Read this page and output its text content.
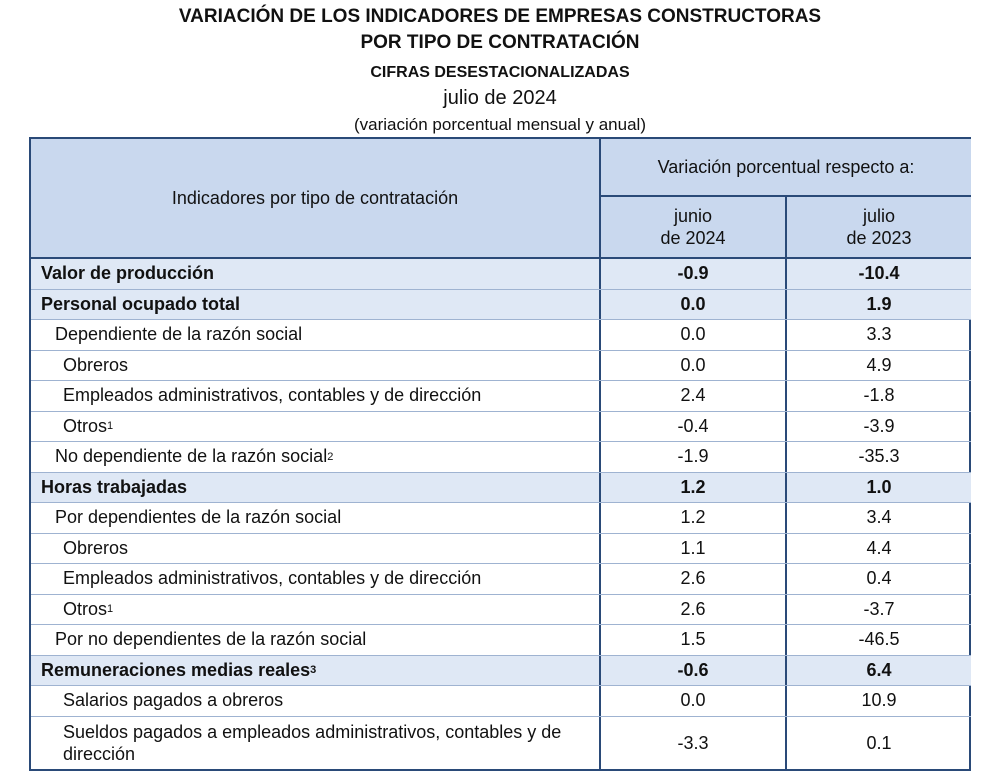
VARIACIÓN DE LOS INDICADORES DE EMPRESAS CONSTRUCTORAS
POR TIPO DE CONTRATACIÓN
CIFRAS DESESTACIONALIZADAS
julio de 2024
(variación porcentual mensual y anual)
Indicadores por tipo de contratación
Variación porcentual respecto a:
junio
de 2024
julio
de 2023
Valor de producción	-0.9	-10.4
Personal ocupado total	0.0	1.9
Dependiente de la razón social	0.0	3.3
Obreros	0.0	4.9
Empleados administrativos, contables y de dirección	2.4	-1.8
Otros 1	-0.4	-3.9
No dependiente de la razón social 2	-1.9	-35.3
Horas trabajadas	1.2	1.0
Por dependientes de la razón social	1.2	3.4
Obreros	1.1	4.4
Empleados administrativos, contables y de dirección	2.6	0.4
Otros 1	2.6	-3.7
Por no dependientes de la razón social	1.5	-46.5
Remuneraciones medias reales 3	-0.6	6.4
Salarios pagados a obreros	0.0	10.9
Sueldos pagados a empleados administrativos, contables y de dirección
-3.3	0.1
